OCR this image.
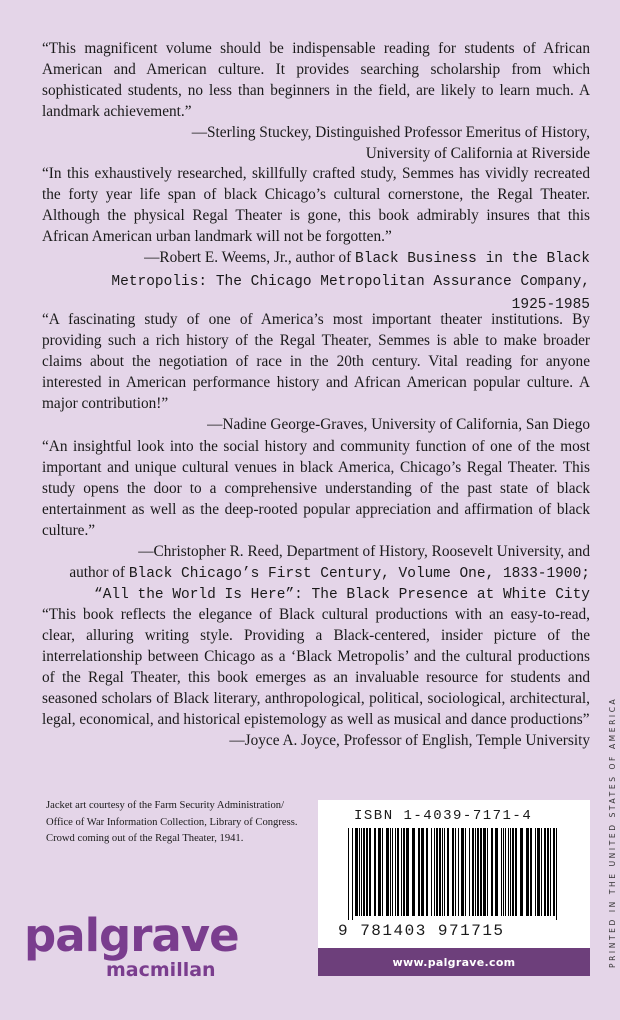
“This magnificent volume should be indispensable reading for students of African American and American culture. It provides searching scholarship from which sophisticated students, no less than beginners in the field, are likely to learn much. A landmark achievement.”

—Sterling Stuckey, Distinguished Professor Emeritus of History,
University of California at Riverside

“In this exhaustively researched, skillfully crafted study, Semmes has vividly recreated the forty year life span of black Chicago’s cultural cornerstone, the Regal Theater. Although the physical Regal Theater is gone, this book admirably insures that this African American urban landmark will not be forgotten.”

—Robert E. Weems, Jr., author of Black Business in the Black Metropolis: The Chicago Metropolitan Assurance Company, 1925-1985

“A fascinating study of one of America’s most important theater institutions. By providing such a rich history of the Regal Theater, Semmes is able to make broader claims about the negotiation of race in the 20th century. Vital reading for anyone interested in American performance history and African American popular culture. A major contribution!”

—Nadine George-Graves, University of California, San Diego

“An insightful look into the social history and community function of one of the most important and unique cultural venues in black America, Chicago’s Regal Theater. This study opens the door to a comprehensive understanding of the past state of black entertainment as well as the deep-rooted popular appreciation and affirmation of black culture.”

—Christopher R. Reed, Department of History, Roosevelt University, and
author of Black Chicago’s First Century, Volume One, 1833-1900;
“All the World Is Here”: The Black Presence at White City

“This book reflects the elegance of Black cultural productions with an easy-to-read, clear, alluring writing style. Providing a Black-centered, insider picture of the interrelationship between Chicago as a ‘Black Metropolis’ and the cultural productions of the Regal Theater, this book emerges as an invaluable resource for students and seasoned scholars of Black literary, anthropological, political, sociological, architectural, legal, economical, and historical epistemology as well as musical and dance productions”

—Joyce A. Joyce, Professor of English, Temple University
Jacket art courtesy of the Farm Security Administration/ Office of War Information Collection, Library of Congress. Crowd coming out of the Regal Theater, 1941.
palgrave
macmillan
ISBN 1-4039-7171-4
9 781403 971715
www.palgrave.com	PRINTED IN THE UNITED STATES OF AMERICA
